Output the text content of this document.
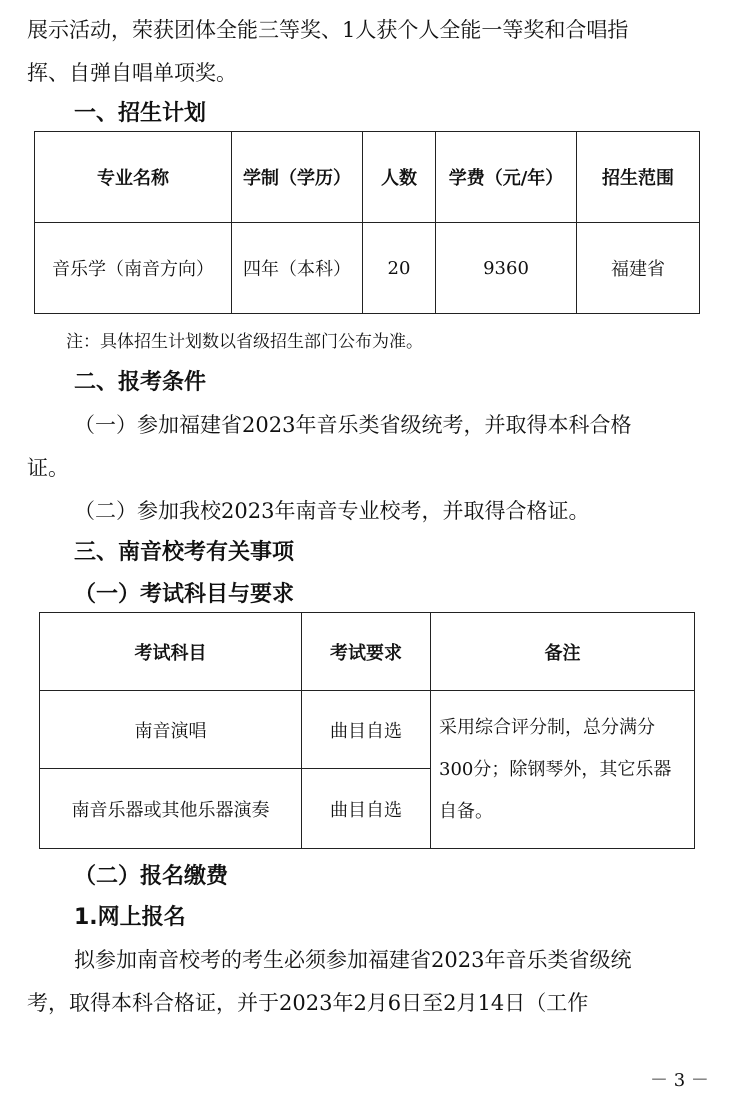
展示活动，荣获团体全能三等奖、1人获个人全能一等奖和合唱指
挥、自弹自唱单项奖。
一、招生计划
专业名称	学制（学历）	人数	学费（元/年）	招生范围
音乐学（南音方向）	四年（本科）	20	9360	福建省
注：具体招生计划数以省级招生部门公布为准。
二、报考条件
（一）参加福建省2023年音乐类省级统考，并取得本科合格
证。
（二）参加我校2023年南音专业校考，并取得合格证。
三、南音校考有关事项
（一）考试科目与要求
考试科目	考试要求	备注
南音演唱	曲目自选	采用综合评分制，总分满分300分；除钢琴外，其它乐器自备。
南音乐器或其他乐器演奏	曲目自选	
（二）报名缴费
1.网上报名
拟参加南音校考的考生必须参加福建省2023年音乐类省级统
考，取得本科合格证，并于2023年2月6日至2月14日（工作
－ 3 －
